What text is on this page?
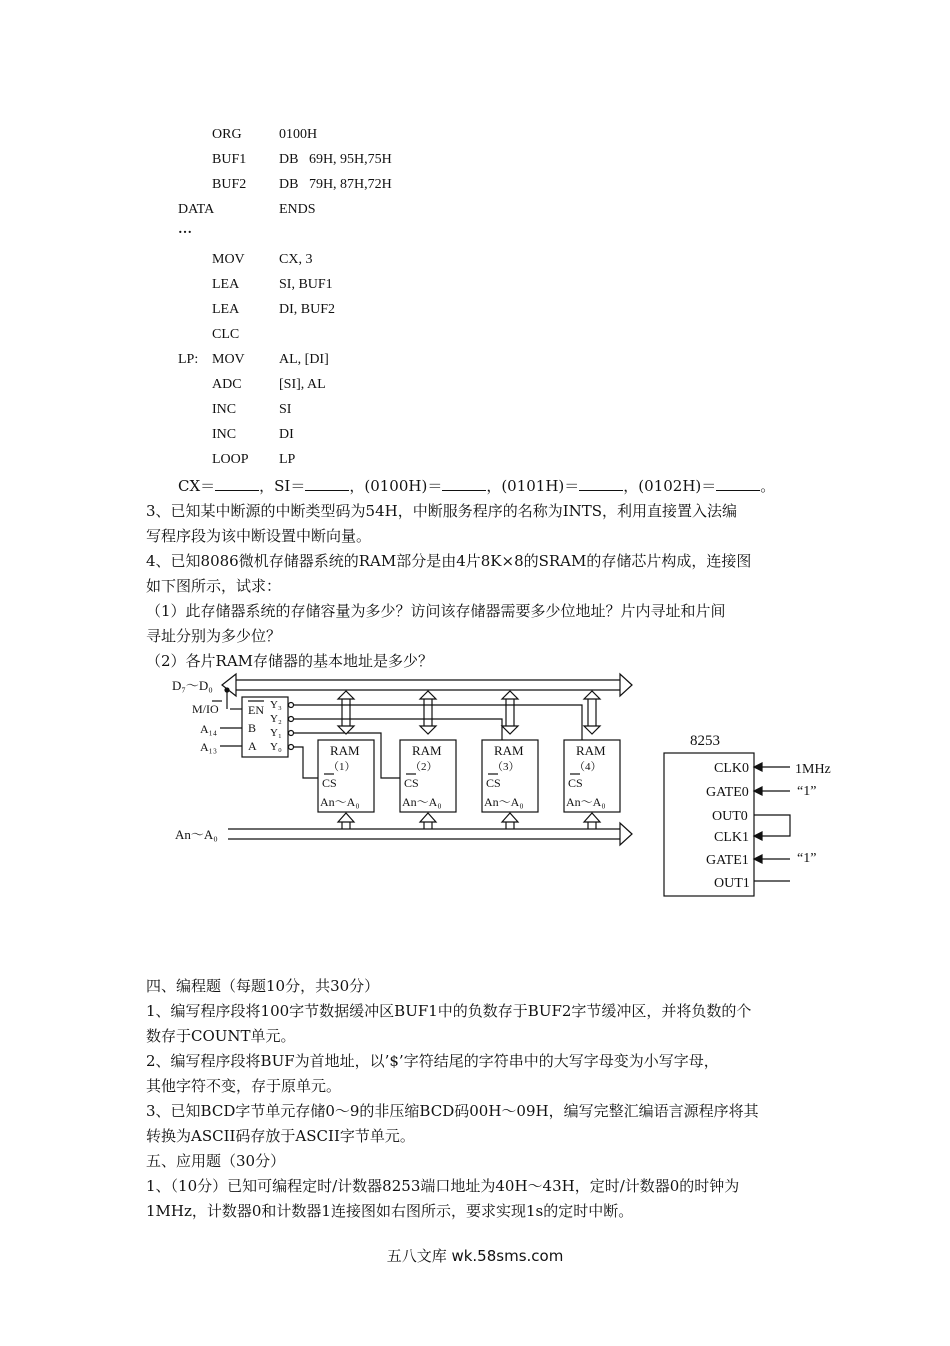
ORG	0100H
BUF1 DB   69H, 95H,75H
BUF2 DB   79H, 87H,72H
DATA	ENDS
…
MOV CX, 3
LEA	SI, BUF1
LEA	DI, BUF2
CLC
LP: MOV AL, [DI]
ADC	[SI], AL
INC	SI
INC	DI
LOOP LP
CX＝	，SI＝	，(0100H)＝	，(0101H)＝	，(0102H)＝	。
3、已知某中断源的中断类型码为54H，中断服务程序的名称为INTS，利用直接置入法编
写程序段为该中断设置中断向量。
4、已知8086微机存储器系统的RAM部分是由4片8K×8的SRAM的存储芯片构成，连接图
如下图所示，试求：
（1）此存储器系统的存储容量为多少？访问该存储器需要多少位地址？片内寻址和片间
寻址分别为多少位？
（2）各片RAM存储器的基本地址是多少？
D₇～D₀
EN
B
A
Y₃
Y₂
Y₁
Y₀
M/IO
A₁₄
A₁₃	RAM
（1）
CS
An～A₀
RAM
（2）
CS
An～A₀
RAM
（3）
CS
An～A₀
RAM
（4）
CS
An～A₀
An～A₀
8253
CLK0
GATE0
OUT0
CLK1
GATE1
OUT1
1MHz
“1”
“1”
四、编程题（每题10分，共30分）
1、编写程序段将100字节数据缓冲区BUF1中的负数存于BUF2字节缓冲区，并将负数的个
数存于COUNT单元。
2、编写程序段将BUF为首地址，以’$’字符结尾的字符串中的大写字母变为小写字母，
其他字符不变，存于原单元。
3、已知BCD字节单元存储0～9的非压缩BCD码00H～09H，编写完整汇编语言源程序将其
转换为ASCII码存放于ASCII字节单元。
五、应用题（30分）
1、（10分）已知可编程定时/计数器8253端口地址为40H～43H，定时/计数器0的时钟为
1MHz，计数器0和计数器1连接图如右图所示，要求实现1s的定时中断。
五八文库 wk.58sms.com
